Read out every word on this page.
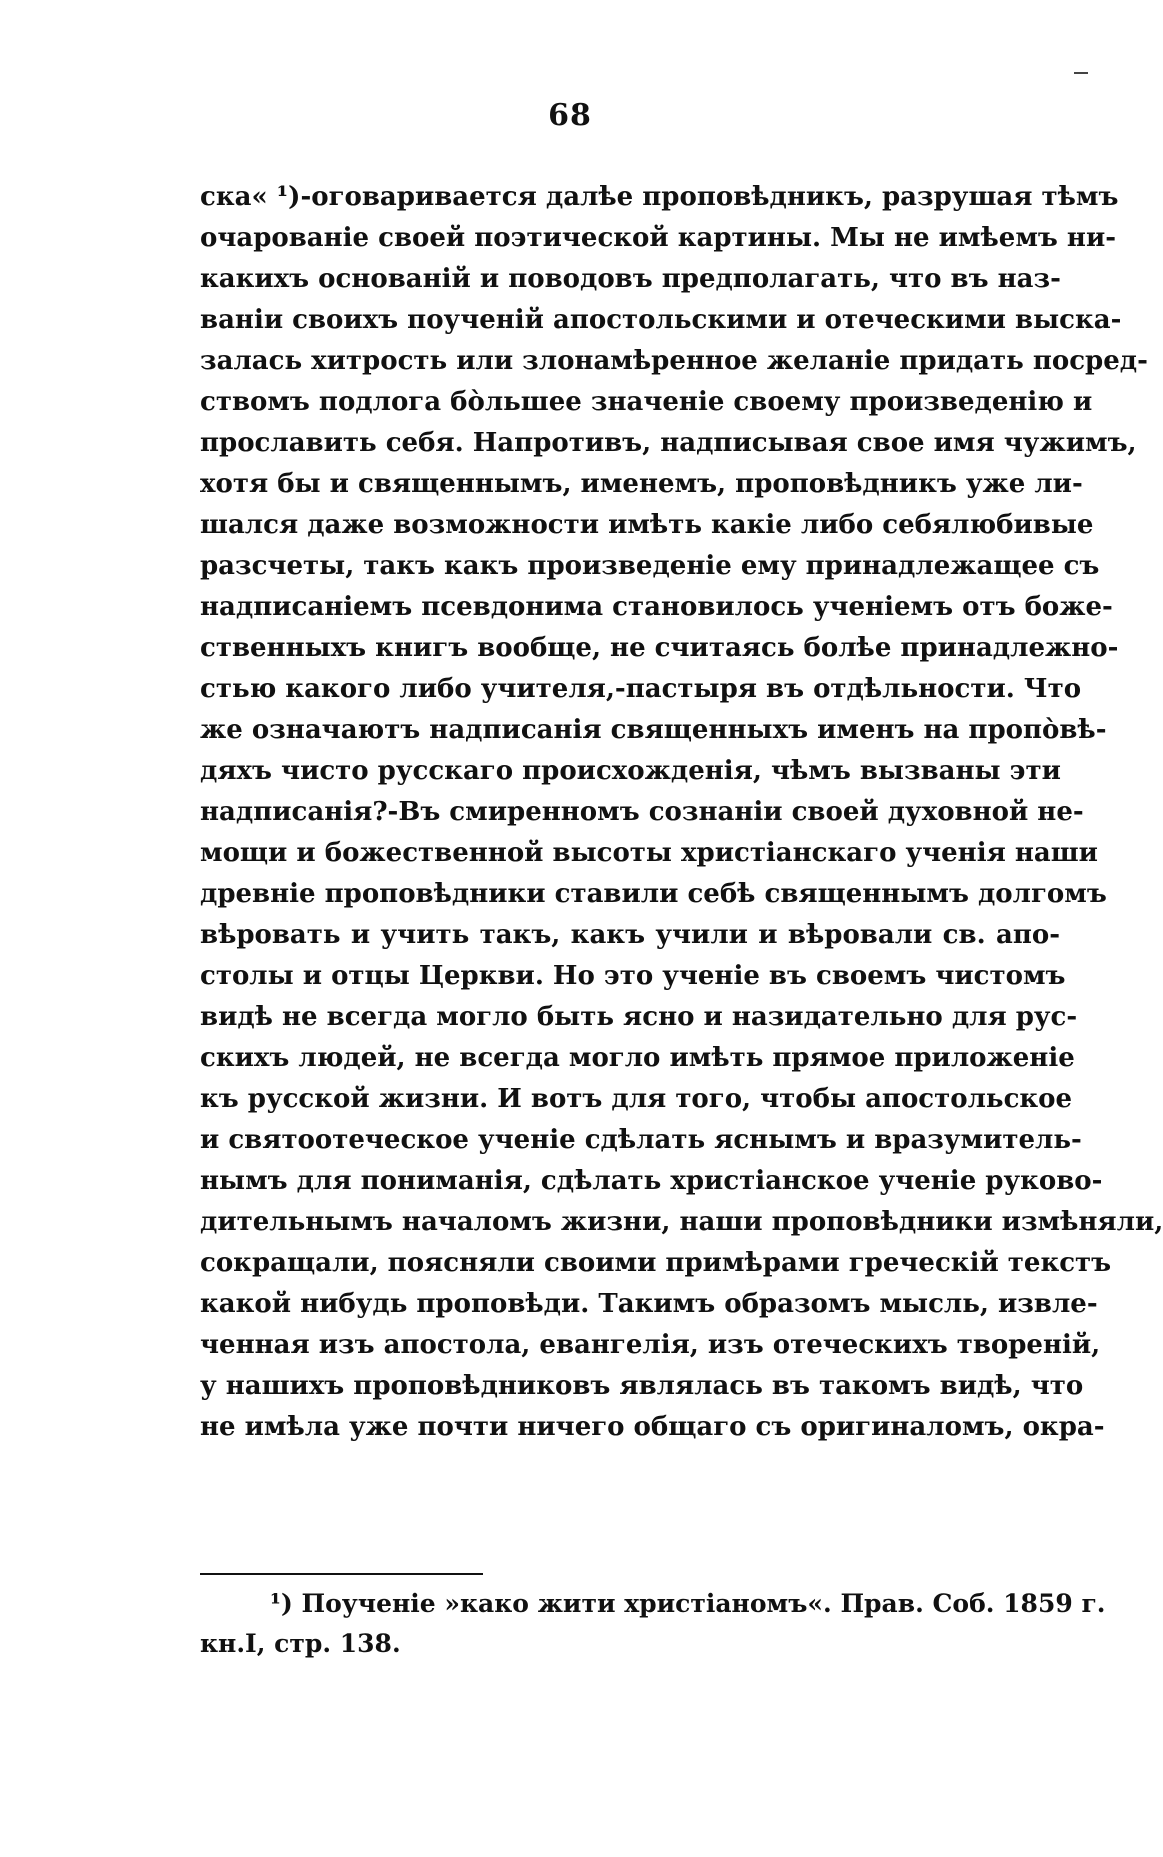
68
ска« ¹)-оговаривается далѣе проповѣдникъ, разрушая тѣмъ
очарованіе своей поэтической картины. Мы не имѣемъ ни-
какихъ основаній и поводовъ предполагать, что въ наз-
ваніи своихъ поученій апостольскими и отеческими выска-
залась хитрость или злонамѣренное желаніе придать посред-
ствомъ подлога бо̀льшее значеніе своему произведенію и
прославить себя. Напротивъ, надписывая свое имя чужимъ,
хотя бы и священнымъ, именемъ, проповѣдникъ уже ли-
шался даже возможности имѣть какіе либо себялюбивые
разсчеты, такъ какъ произведеніе ему принадлежащее съ
надписаніемъ псевдонима становилось ученіемъ отъ боже-
ственныхъ книгъ вообще, не считаясь болѣе принадлежно-
стью какого либо учителя,-пастыря въ отдѣльности. Что
же означаютъ надписанія священныхъ именъ на пропо̀вѣ-
дяхъ чисто русскаго происхожденія, чѣмъ вызваны эти
надписанія?-Въ смиренномъ сознаніи своей духовной не-
мощи и божественной высоты христіанскаго ученія наши
древніе проповѣдники ставили себѣ священнымъ долгомъ
вѣровать и учить такъ, какъ учили и вѣровали св. апо-
столы и отцы Церкви. Но это ученіе въ своемъ чистомъ
видѣ не всегда могло быть ясно и назидательно для рус-
скихъ людей, не всегда могло имѣть прямое приложеніе
къ русской жизни. И вотъ для того, чтобы апостольское
и святоотеческое ученіе сдѣлать яснымъ и вразумитель-
нымъ для пониманія, сдѣлать христіанское ученіе руково-
дительнымъ началомъ жизни, наши проповѣдники измѣняли,
сокращали, поясняли своими примѣрами греческій текстъ
какой нибудь проповѣди. Такимъ образомъ мысль, извле-
ченная изъ апостола, евангелія, изъ отеческихъ твореній,
у нашихъ проповѣдниковъ являлась въ такомъ видѣ, что
не имѣла уже почти ничего общаго съ оригиналомъ, окра-
¹) Поученіе »како жити христіаномъ«. Прав. Соб. 1859 г.
кн.I, стр. 138.
